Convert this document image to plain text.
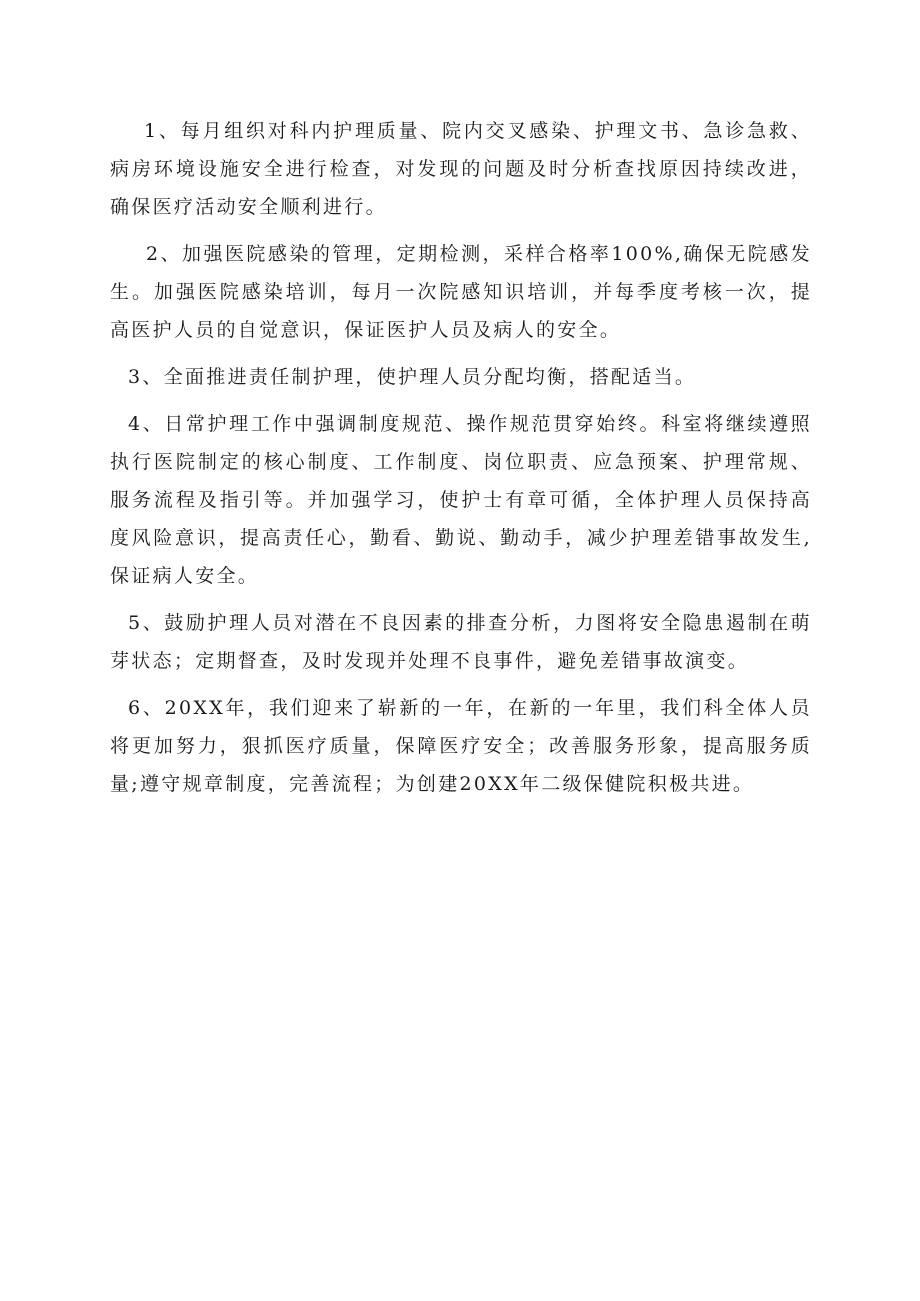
1、每月组织对科内护理质量、院内交叉感染、护理文书、急诊急救、病房环境设施安全进行检查，对发现的问题及时分析查找原因持续改进，确保医疗活动安全顺利进行。

2、加强医院感染的管理，定期检测，采样合格率100%,确保无院感发生。加强医院感染培训，每月一次院感知识培训，并每季度考核一次，提高医护人员的自觉意识，保证医护人员及病人的安全。

3、全面推进责任制护理，使护理人员分配均衡，搭配适当。

4、日常护理工作中强调制度规范、操作规范贯穿始终。科室将继续遵照执行医院制定的核心制度、工作制度、岗位职责、应急预案、护理常规、服务流程及指引等。并加强学习，使护士有章可循，全体护理人员保持高度风险意识，提高责任心，勤看、勤说、勤动手，减少护理差错事故发生,保证病人安全。

5、鼓励护理人员对潜在不良因素的排查分析，力图将安全隐患遏制在萌芽状态；定期督查，及时发现并处理不良事件，避免差错事故演变。

6、20XX年，我们迎来了崭新的一年，在新的一年里，我们科全体人员将更加努力，狠抓医疗质量，保障医疗安全；改善服务形象，提高服务质量;遵守规章制度，完善流程；为创建20XX年二级保健院积极共进。
